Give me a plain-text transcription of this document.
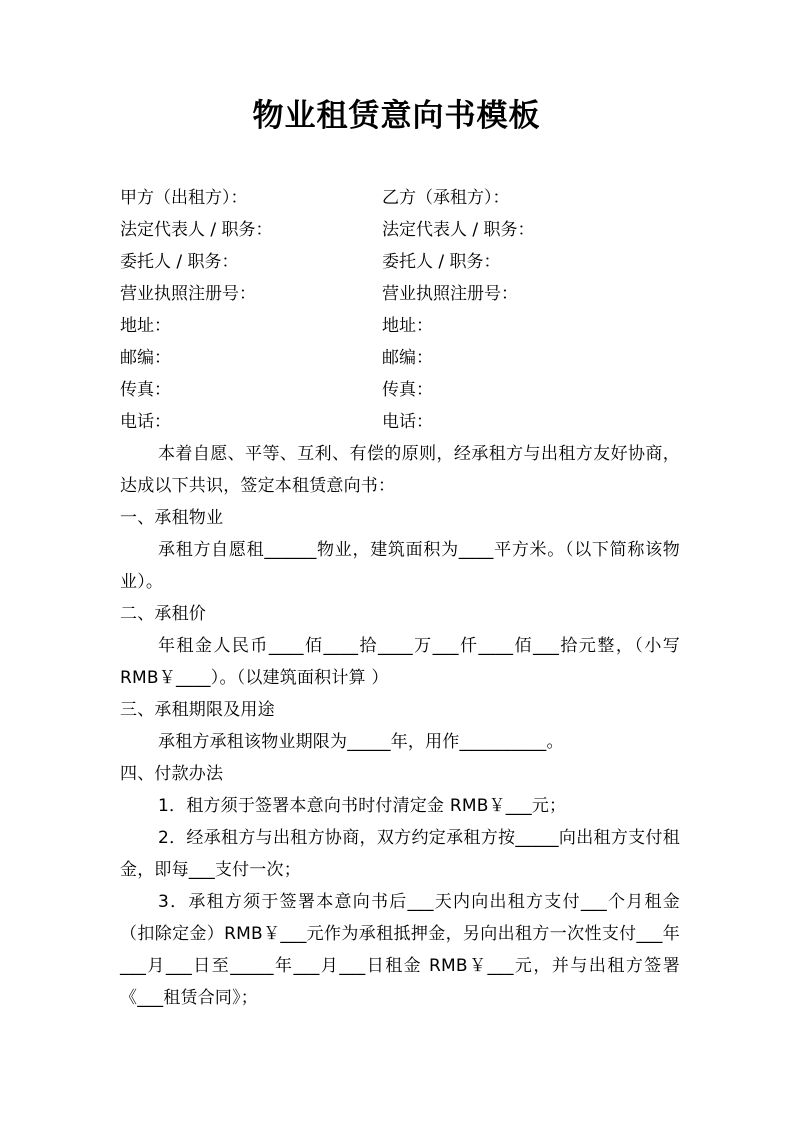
物业租赁意向书模板
甲方（出租方）：	乙方（承租方）：
法定代表人 / 职务：	法定代表人 / 职务：
委托人 / 职务：	委托人 / 职务：
营业执照注册号：	营业执照注册号：
地址：	地址：
邮编：	邮编：
传真：	传真：
电话：	电话：

本着自愿、平等、互利、有偿的原则，经承租方与出租方友好协商，达成以下共识，签定本租赁意向书：

一、承租物业

承租方自愿租______物业，建筑面积为____平方米。（以下简称该物业）。

二、承租价

年租金人民币____佰____拾____万___仟____佰___拾元整，（小写 RMB￥____）。（以建筑面积计算 ）

三、承租期限及用途

承租方承租该物业期限为_____年，用作__________。

四、付款办法

1．租方须于签署本意向书时付清定金 RMB￥___元；

2．经承租方与出租方协商，双方约定承租方按_____向出租方支付租金，即每___支付一次；

3．承租方须于签署本意向书后___天内向出租方支付___个月租金（扣除定金）RMB￥___元作为承租抵押金，另向出租方一次性支付___年___月___日至_____年___月___日租金 RMB￥___元，并与出租方签署《___租赁合同》；
